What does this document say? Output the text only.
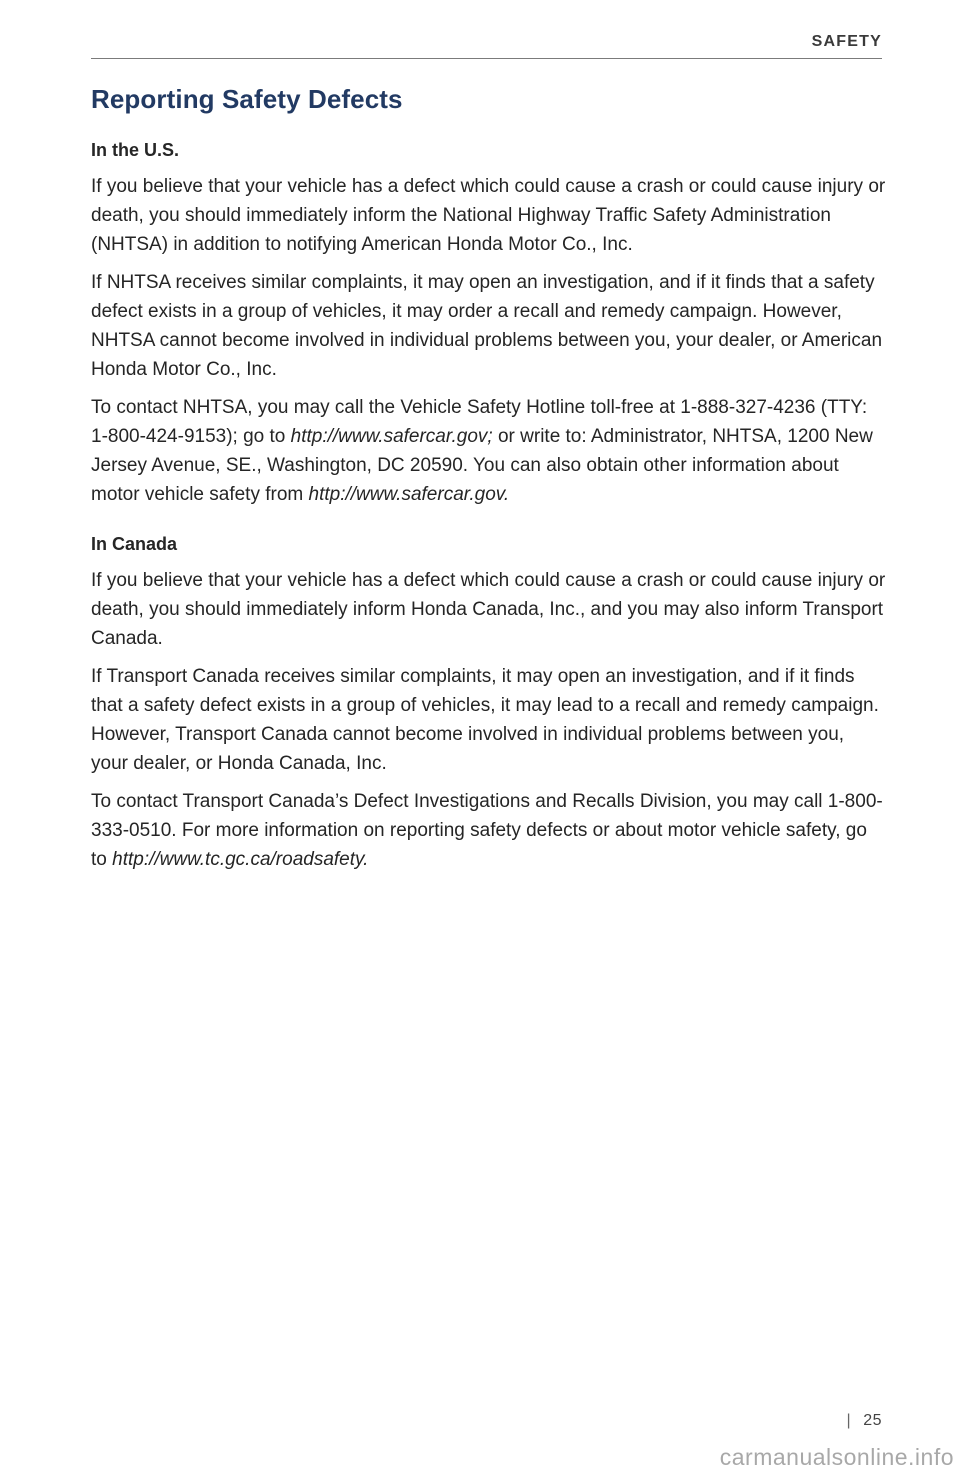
SAFETY
Reporting Safety Defects
In the U.S.

If you believe that your vehicle has a defect which could cause a crash or could cause injury or death, you should immediately inform the National Highway Traffic Safety Administration (NHTSA) in addition to notifying American Honda Motor Co., Inc.

If NHTSA receives similar complaints, it may open an investigation, and if it finds that a safety defect exists in a group of vehicles, it may order a recall and remedy campaign. However, NHTSA cannot become involved in individual problems between you, your dealer, or American Honda Motor Co., Inc.

To contact NHTSA, you may call the Vehicle Safety Hotline toll-free at 1-888-327-4236 (TTY: 1-800-424-9153); go to http://www.safercar.gov; or write to: Administrator, NHTSA, 1200 New Jersey Avenue, SE., Washington, DC 20590. You can also obtain other information about motor vehicle safety from http://www.safercar.gov.

In Canada

If you believe that your vehicle has a defect which could cause a crash or could cause injury or death, you should immediately inform Honda Canada, Inc., and you may also inform Transport Canada.

If Transport Canada receives similar complaints, it may open an investigation, and if it finds that a safety defect exists in a group of vehicles, it may lead to a recall and remedy campaign. However, Transport Canada cannot become involved in individual problems between you, your dealer, or Honda Canada, Inc.

To contact Transport Canada’s Defect Investigations and Recalls Division, you may call 1-800-333-0510. For more information on reporting safety defects or about motor vehicle safety, go to http://www.tc.gc.ca/roadsafety.

| 25
carmanualsonline.info
